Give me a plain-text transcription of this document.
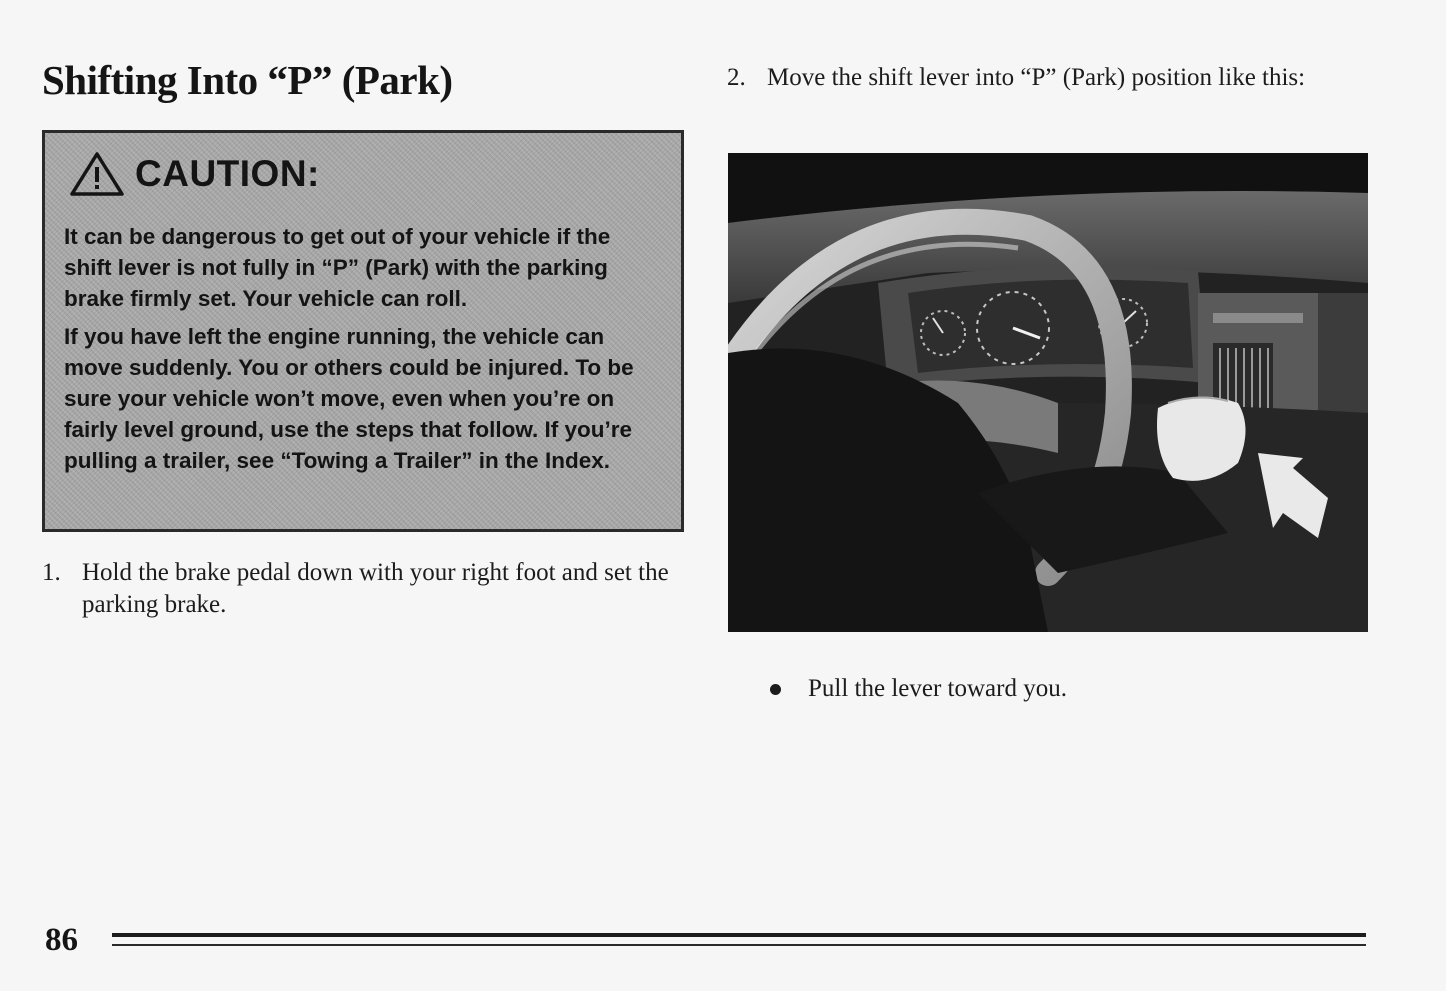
Shifting Into “P” (Park)
CAUTION:

It can be dangerous to get out of your vehicle if the shift lever is not fully in “P” (Park) with the parking brake firmly set. Your vehicle can roll.

If you have left the engine running, the vehicle can move suddenly. You or others could be injured. To be sure your vehicle won’t move, even when you’re on fairly level ground, use the steps that follow. If you’re pulling a trailer, see “Towing a Trailer” in the Index.

1. Hold the brake pedal down with your right foot and set the parking brake.
2. Move the shift lever into “P” (Park) position like this:
Pull the lever toward you.
86
